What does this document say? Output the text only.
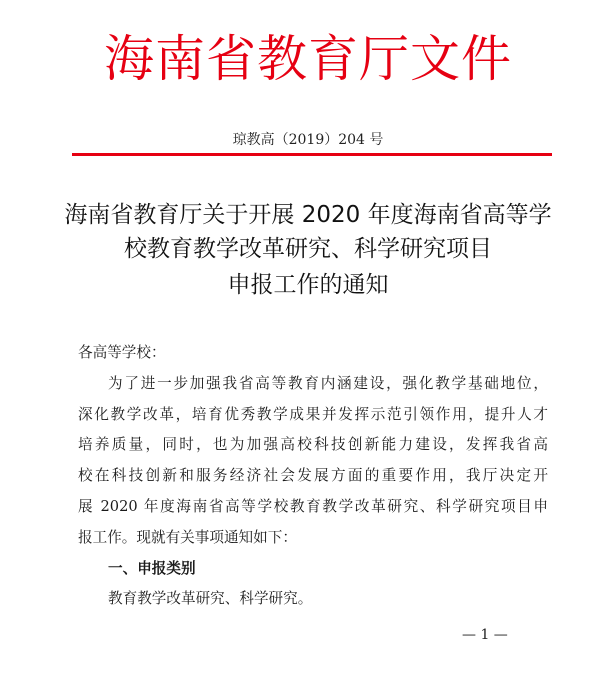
海南省教育厅文件
琼教高（2019）204 号
海南省教育厅关于开展 2020 年度海南省高等学
校教育教学改革研究、科学研究项目
申报工作的通知
各高等学校：
为了进一步加强我省高等教育内涵建设，强化教学基础地位，
深化教学改革，培育优秀教学成果并发挥示范引领作用，提升人才
培养质量，同时，也为加强高校科技创新能力建设，发挥我省高
校在科技创新和服务经济社会发展方面的重要作用，我厅决定开
展 2020 年度海南省高等学校教育教学改革研究、科学研究项目申
报工作。现就有关事项通知如下：
一、申报类别
教育教学改革研究、科学研究。
— 1 —
